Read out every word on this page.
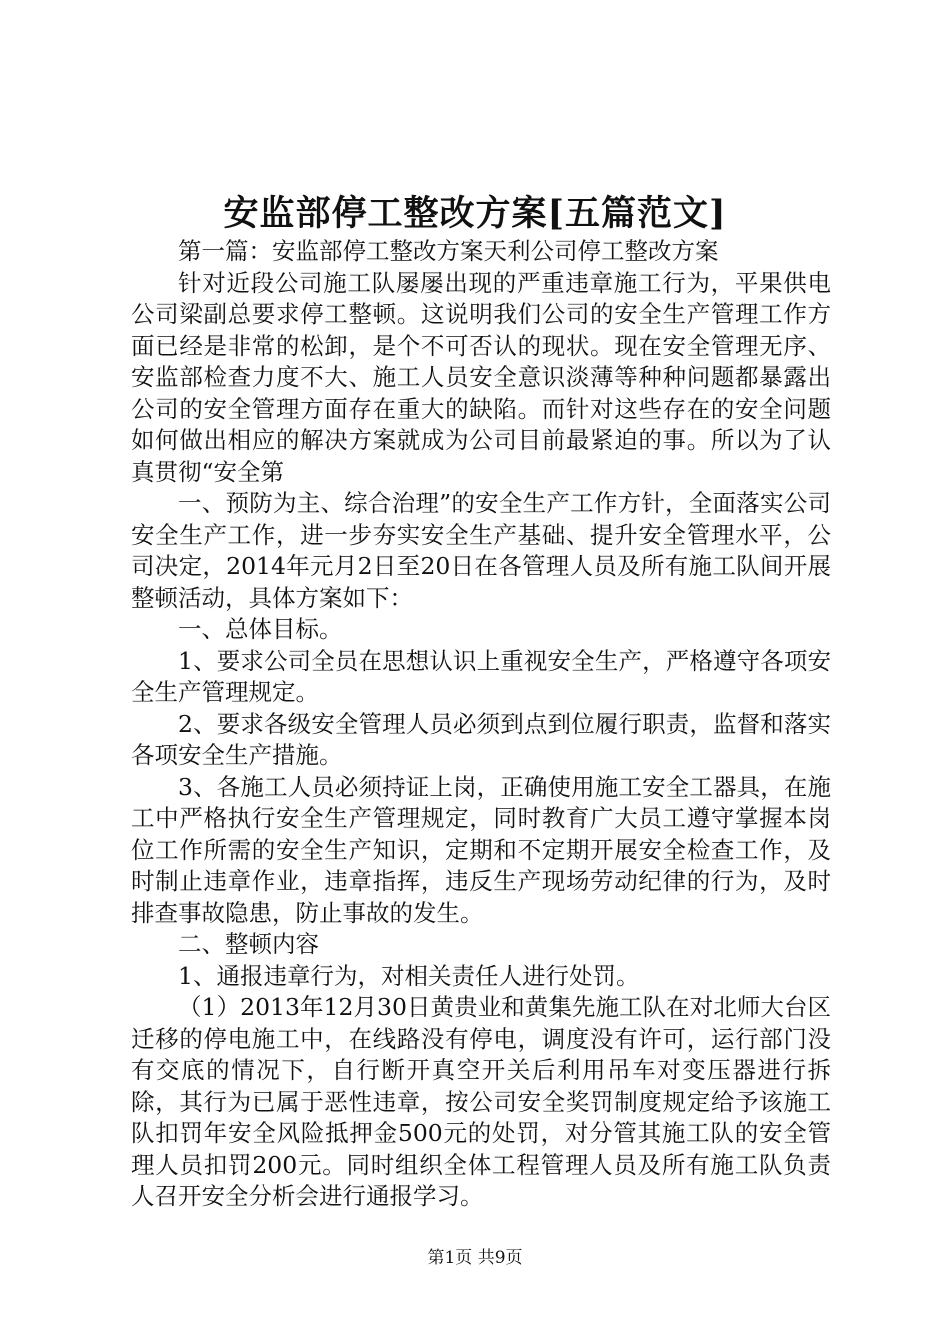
安监部停工整改方案[五篇范文]

第一篇：安监部停工整改方案天利公司停工整改方案

针对近段公司施工队屡屡出现的严重违章施工行为，平果供电公司梁副总要求停工整顿。这说明我们公司的安全生产管理工作方面已经是非常的松卸，是个不可否认的现状。现在安全管理无序、安监部检查力度不大、施工人员安全意识淡薄等种种问题都暴露出公司的安全管理方面存在重大的缺陷。而针对这些存在的安全问题如何做出相应的解决方案就成为公司目前最紧迫的事。所以为了认真贯彻“安全第

一、预防为主、综合治理”的安全生产工作方针，全面落实公司安全生产工作，进一步夯实安全生产基础、提升安全管理水平，公司决定，2014年元月2日至20日在各管理人员及所有施工队间开展整顿活动，具体方案如下：

一、总体目标。

1、要求公司全员在思想认识上重视安全生产，严格遵守各项安全生产管理规定。

2、要求各级安全管理人员必须到点到位履行职责，监督和落实各项安全生产措施。

3、各施工人员必须持证上岗，正确使用施工安全工器具，在施工中严格执行安全生产管理规定，同时教育广大员工遵守掌握本岗位工作所需的安全生产知识，定期和不定期开展安全检查工作，及时制止违章作业，违章指挥，违反生产现场劳动纪律的行为，及时排查事故隐患，防止事故的发生。

二、整顿内容

1、通报违章行为，对相关责任人进行处罚。

（1）2013年12月30日黄贵业和黄集先施工队在对北师大台区迁移的停电施工中，在线路没有停电，调度没有许可，运行部门没有交底的情况下，自行断开真空开关后利用吊车对变压器进行拆除，其行为已属于恶性违章，按公司安全奖罚制度规定给予该施工队扣罚年安全风险抵押金500元的处罚，对分管其施工队的安全管理人员扣罚200元。同时组织全体工程管理人员及所有施工队负责人召开安全分析会进行通报学习。

第1页 共9页
